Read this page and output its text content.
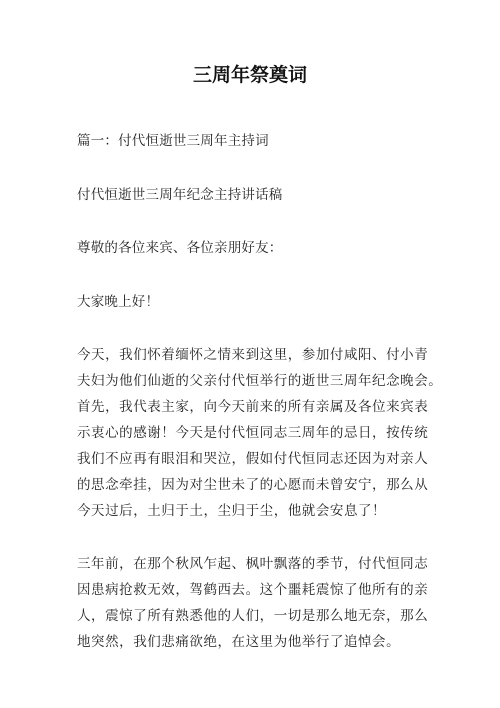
三周年祭奠词
篇一：付代恒逝世三周年主持词
付代恒逝世三周年纪念主持讲话稿
尊敬的各位来宾、各位亲朋好友：
大家晚上好！
今天，我们怀着缅怀之情来到这里，参加付咸阳、付小青
夫妇为他们仙逝的父亲付代恒举行的逝世三周年纪念晚会。
首先，我代表主家，向今天前来的所有亲属及各位来宾表
示衷心的感谢！今天是付代恒同志三周年的忌日，按传统
我们不应再有眼泪和哭泣，假如付代恒同志还因为对亲人
的思念牵挂，因为对尘世未了的心愿而未曾安宁，那么从
今天过后，土归于土，尘归于尘，他就会安息了！
三年前，在那个秋风乍起、枫叶飘落的季节，付代恒同志
因患病抢救无效，驾鹤西去。这个噩耗震惊了他所有的亲
人，震惊了所有熟悉他的人们，一切是那么地无奈，那么
地突然，我们悲痛欲绝，在这里为他举行了追悼会。
